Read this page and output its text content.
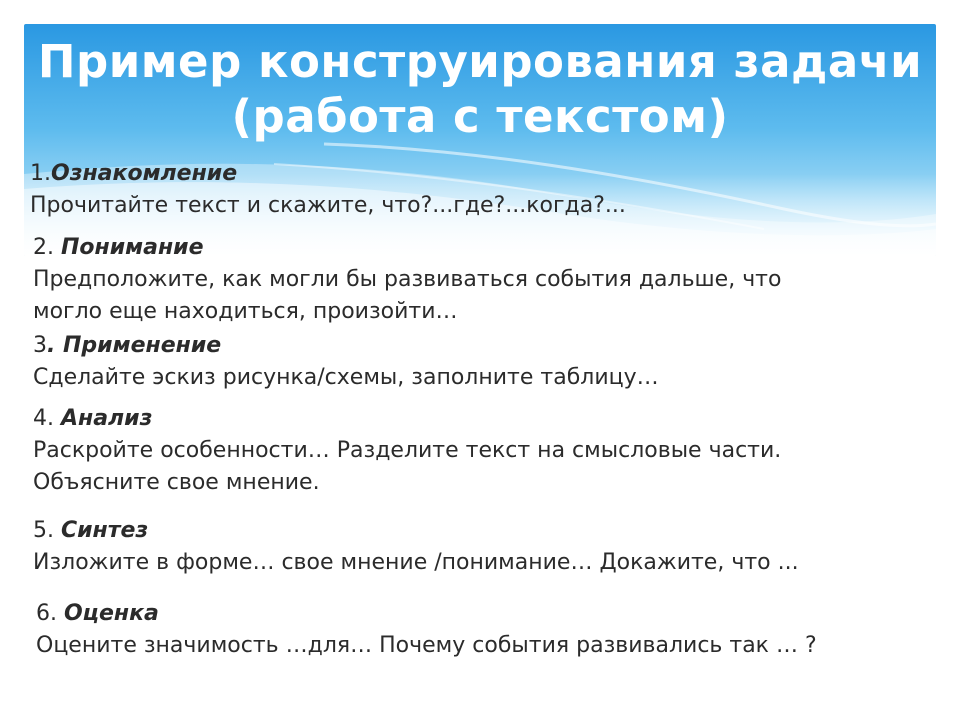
Пример конструирования задачи
(работа с текстом)
1.Ознакомление
Прочитайте текст и скажите, что?...где?...когда?...
2. Понимание
Предположите, как могли бы развиваться события дальше, что
могло еще находиться, произойти…
3. Применение
Сделайте эскиз рисунка/схемы, заполните таблицу…
4. Анализ
Раскройте особенности… Разделите текст на смысловые части.
Объясните свое мнение.
5. Синтез
Изложите в форме… свое мнение /понимание… Докажите, что ...
6. Оценка
Оцените значимость …для… Почему события развивались так … ?
